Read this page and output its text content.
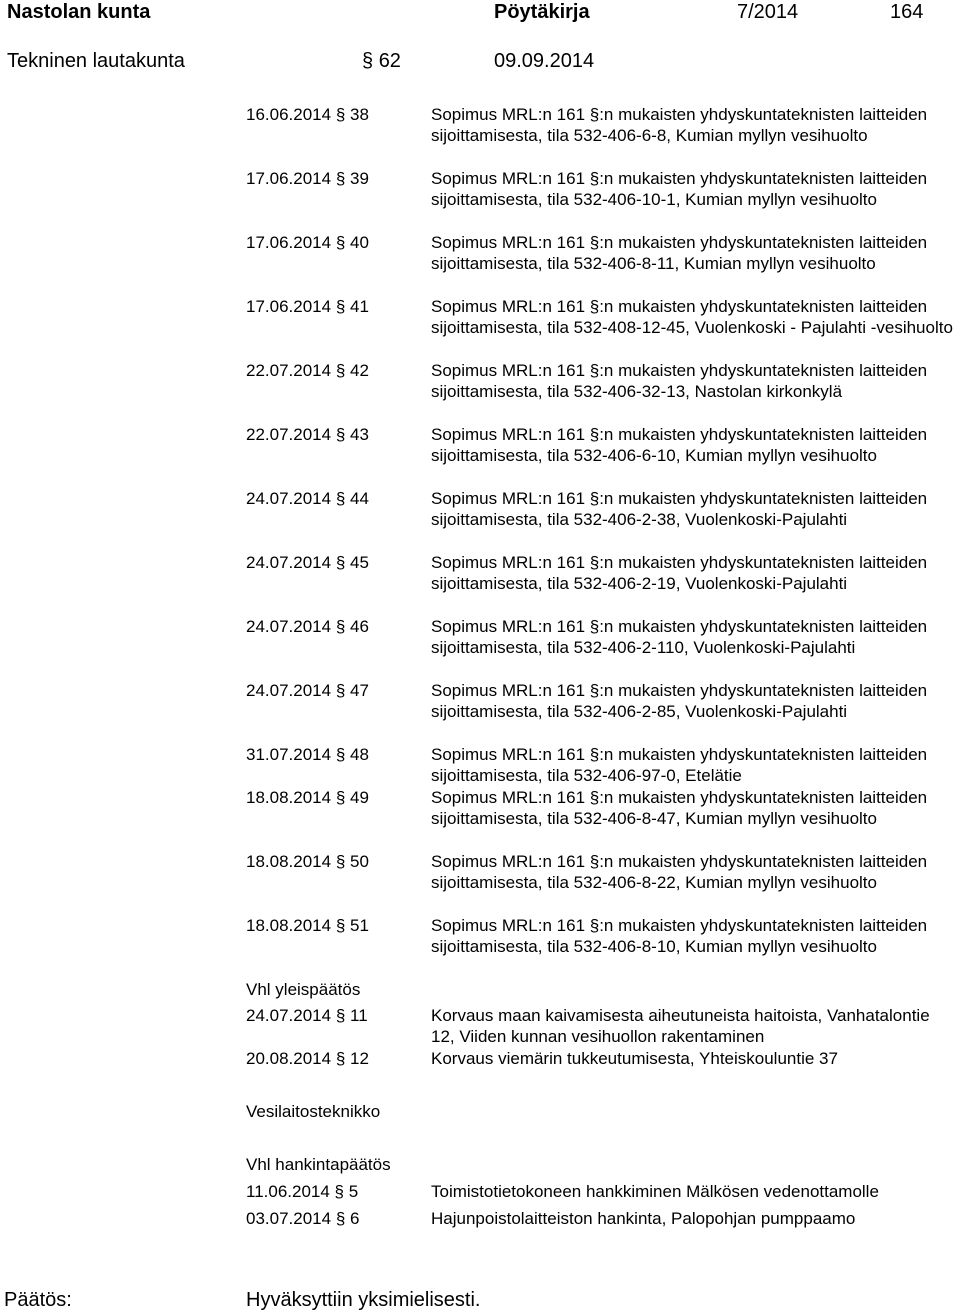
Nastolan kunta	Pöytäkirja	7/2014	164
Tekninen lautakunta	§ 62	09.09.2014
16.06.2014 § 38	Sopimus MRL:n 161 §:n mukaisten yhdyskuntateknisten laitteiden sijoittamisesta, tila 532-406-6-8, Kumian myllyn vesihuolto
17.06.2014 § 39	Sopimus MRL:n 161 §:n mukaisten yhdyskuntateknisten laitteiden sijoittamisesta, tila 532-406-10-1, Kumian myllyn vesihuolto
17.06.2014 § 40	Sopimus MRL:n 161 §:n mukaisten yhdyskuntateknisten laitteiden sijoittamisesta, tila 532-406-8-11, Kumian myllyn vesihuolto
17.06.2014 § 41	Sopimus MRL:n 161 §:n mukaisten yhdyskuntateknisten laitteiden sijoittamisesta, tila 532-408-12-45, Vuolenkoski - Pajulahti -vesihuolto
22.07.2014 § 42	Sopimus MRL:n 161 §:n mukaisten yhdyskuntateknisten laitteiden sijoittamisesta, tila 532-406-32-13, Nastolan kirkonkylä
22.07.2014 § 43	Sopimus MRL:n 161 §:n mukaisten yhdyskuntateknisten laitteiden sijoittamisesta, tila 532-406-6-10, Kumian myllyn vesihuolto
24.07.2014 § 44	Sopimus MRL:n 161 §:n mukaisten yhdyskuntateknisten laitteiden sijoittamisesta, tila 532-406-2-38, Vuolenkoski-Pajulahti
24.07.2014 § 45	Sopimus MRL:n 161 §:n mukaisten yhdyskuntateknisten laitteiden sijoittamisesta, tila 532-406-2-19, Vuolenkoski-Pajulahti
24.07.2014 § 46	Sopimus MRL:n 161 §:n mukaisten yhdyskuntateknisten laitteiden sijoittamisesta, tila 532-406-2-110, Vuolenkoski-Pajulahti
24.07.2014 § 47	Sopimus MRL:n 161 §:n mukaisten yhdyskuntateknisten laitteiden sijoittamisesta, tila 532-406-2-85, Vuolenkoski-Pajulahti
31.07.2014 § 48	Sopimus MRL:n 161 §:n mukaisten yhdyskuntateknisten laitteiden sijoittamisesta, tila 532-406-97-0, Etelätie
18.08.2014 § 49	Sopimus MRL:n 161 §:n mukaisten yhdyskuntateknisten laitteiden sijoittamisesta, tila 532-406-8-47, Kumian myllyn vesihuolto
18.08.2014 § 50	Sopimus MRL:n 161 §:n mukaisten yhdyskuntateknisten laitteiden sijoittamisesta, tila 532-406-8-22, Kumian myllyn vesihuolto
18.08.2014 § 51	Sopimus MRL:n 161 §:n mukaisten yhdyskuntateknisten laitteiden sijoittamisesta, tila 532-406-8-10, Kumian myllyn vesihuolto
Vhl yleispäätös
24.07.2014 § 11	Korvaus maan kaivamisesta aiheutuneista haitoista, Vanhatalontie 12, Viiden kunnan vesihuollon rakentaminen
20.08.2014 § 12	Korvaus viemärin tukkeutumisesta, Yhteiskouluntie 37
Vesilaitosteknikko
Vhl hankintapäätös
11.06.2014 § 5	Toimistotietokoneen hankkiminen Mälkösen vedenottamolle
03.07.2014 § 6	Hajunpoistolaitteiston hankinta, Palopohjan pumppaamo
Päätös:	Hyväksyttiin yksimielisesti.
